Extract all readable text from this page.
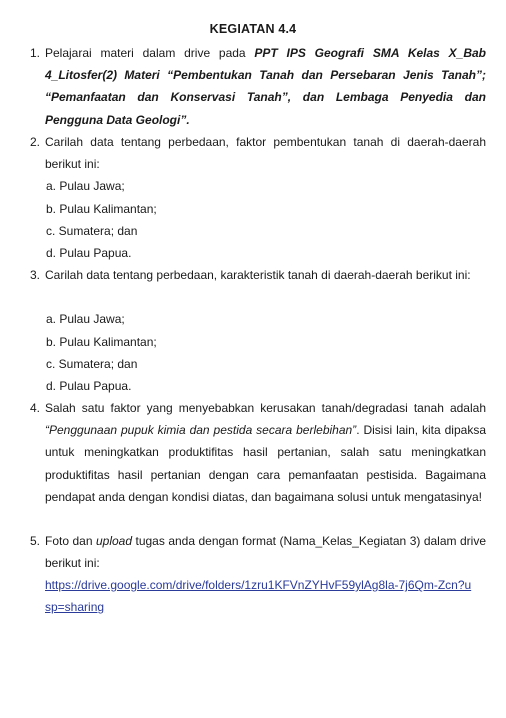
KEGIATAN 4.4
1. Pelajarai materi dalam drive pada PPT IPS Geografi SMA Kelas X_Bab 4_Litosfer(2) Materi “Pembentukan Tanah dan Persebaran Jenis Tanah”; “Pemanfaatan dan Konservasi Tanah”, dan Lembaga Penyedia dan Pengguna Data Geologi”.
2. Carilah data tentang perbedaan, faktor pembentukan tanah di daerah-daerah berikut ini:
a. Pulau Jawa;
b. Pulau Kalimantan;
c. Sumatera; dan
d. Pulau Papua.
3. Carilah data tentang perbedaan, karakteristik tanah di daerah-daerah berikut ini:
a. Pulau Jawa;
b. Pulau Kalimantan;
c. Sumatera; dan
d. Pulau Papua.
4. Salah satu faktor yang menyebabkan kerusakan tanah/degradasi tanah adalah “Penggunaan pupuk kimia dan pestida secara berlebihan”. Disisi lain, kita dipaksa untuk meningkatkan produktifitas hasil pertanian, salah satu meningkatkan produktifitas hasil pertanian dengan cara pemanfaatan pestisida. Bagaimana pendapat anda dengan kondisi diatas, dan bagaimana solusi untuk mengatasinya!
5. Foto dan upload tugas anda dengan format (Nama_Kelas_Kegiatan 3) dalam drive berikut ini:
https://drive.google.com/drive/folders/1zru1KFVnZYHvF59ylAg8la-7j6Qm-Zcn?usp=sharing
